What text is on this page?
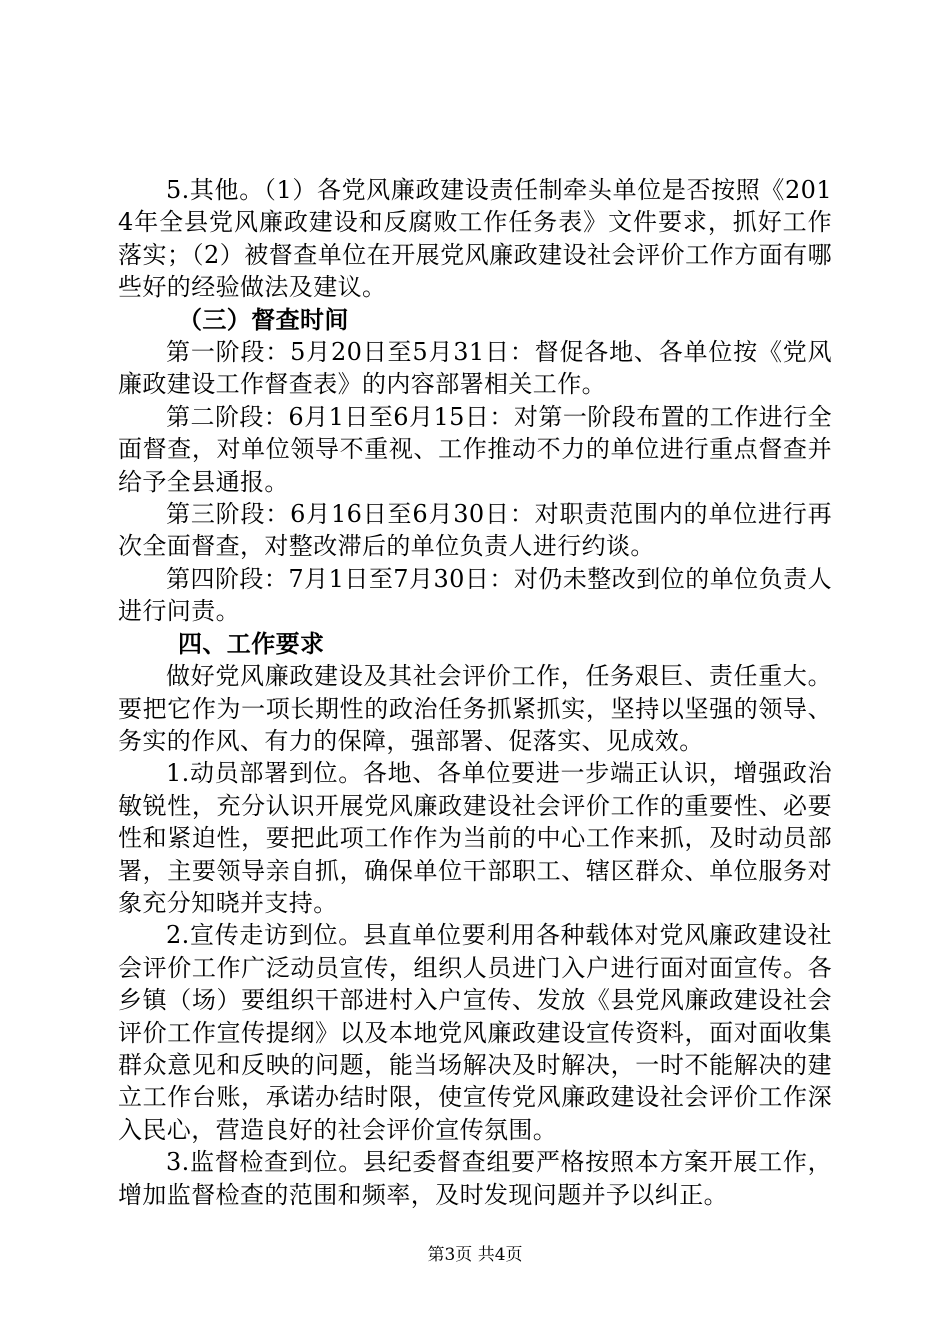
5.其他。（1）各党风廉政建设责任制牵头单位是否按照《2014年全县党风廉政建设和反腐败工作任务表》文件要求，抓好工作落实；（2）被督查单位在开展党风廉政建设社会评价工作方面有哪些好的经验做法及建议。

（三）督查时间

第一阶段：5月20日至5月31日：督促各地、各单位按《党风廉政建设工作督查表》的内容部署相关工作。

第二阶段：6月1日至6月15日：对第一阶段布置的工作进行全面督查，对单位领导不重视、工作推动不力的单位进行重点督查并给予全县通报。

第三阶段：6月16日至6月30日：对职责范围内的单位进行再次全面督查，对整改滞后的单位负责人进行约谈。

第四阶段：7月1日至7月30日：对仍未整改到位的单位负责人进行问责。

四、工作要求

做好党风廉政建设及其社会评价工作，任务艰巨、责任重大。要把它作为一项长期性的政治任务抓紧抓实，坚持以坚强的领导、务实的作风、有力的保障，强部署、促落实、见成效。

1.动员部署到位。各地、各单位要进一步端正认识，增强政治敏锐性，充分认识开展党风廉政建设社会评价工作的重要性、必要性和紧迫性，要把此项工作作为当前的中心工作来抓，及时动员部署，主要领导亲自抓，确保单位干部职工、辖区群众、单位服务对象充分知晓并支持。

2.宣传走访到位。县直单位要利用各种载体对党风廉政建设社会评价工作广泛动员宣传，组织人员进门入户进行面对面宣传。各乡镇（场）要组织干部进村入户宣传、发放《县党风廉政建设社会评价工作宣传提纲》以及本地党风廉政建设宣传资料，面对面收集群众意见和反映的问题，能当场解决及时解决，一时不能解决的建立工作台账，承诺办结时限，使宣传党风廉政建设社会评价工作深入民心，营造良好的社会评价宣传氛围。

3.监督检查到位。县纪委督查组要严格按照本方案开展工作，增加监督检查的范围和频率，及时发现问题并予以纠正。

第3页 共4页
